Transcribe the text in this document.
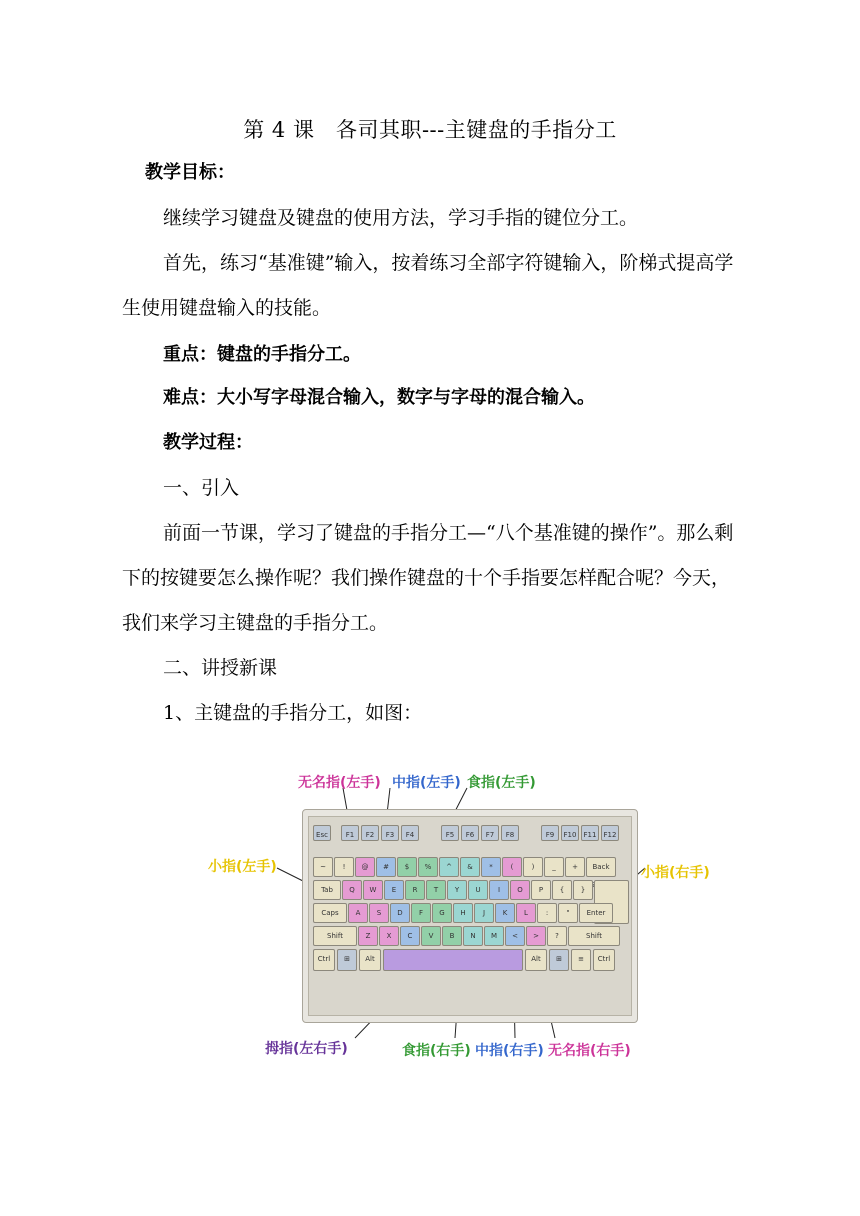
第 4 课　各司其职---主键盘的手指分工
教学目标：
继续学习键盘及键盘的使用方法，学习手指的键位分工。
首先，练习“基准键”输入，按着练习全部字符键输入，阶梯式提高学生使用键盘输入的技能。
重点：键盘的手指分工。
难点：大小写字母混合输入，数字与字母的混合输入。
教学过程：
一、引入
前面一节课，学习了键盘的手指分工—“八个基准键的操作”。那么剩下的按键要怎么操作呢？我们操作键盘的十个手指要怎样配合呢？今天，我们来学习主键盘的手指分工。
二、讲授新课
1、主键盘的手指分工，如图：
Esc	F1	F2	F3	F4	F5	F6	F7	F8	F9	F10	F11	F12
~	!	@	#	$	%	^	&	*	(	)	_	+	Back
Tab	Q	W	E	R	T	Y	U	I	O	P	{	}
Caps	A	S	D	F	G	H	J	K	L	:	"	Enter
Shift	Z	X	C	V	B	N	M	<	>	?	Shift
Ctrl	⊞	Alt	Alt	⊞	≡	Ctrl
无名指(左手) 中指(左手) 食指(左手)
小指(左手)	小指(右手)
拇指(左右手)	食指(右手) 中指(右手) 无名指(右手)
